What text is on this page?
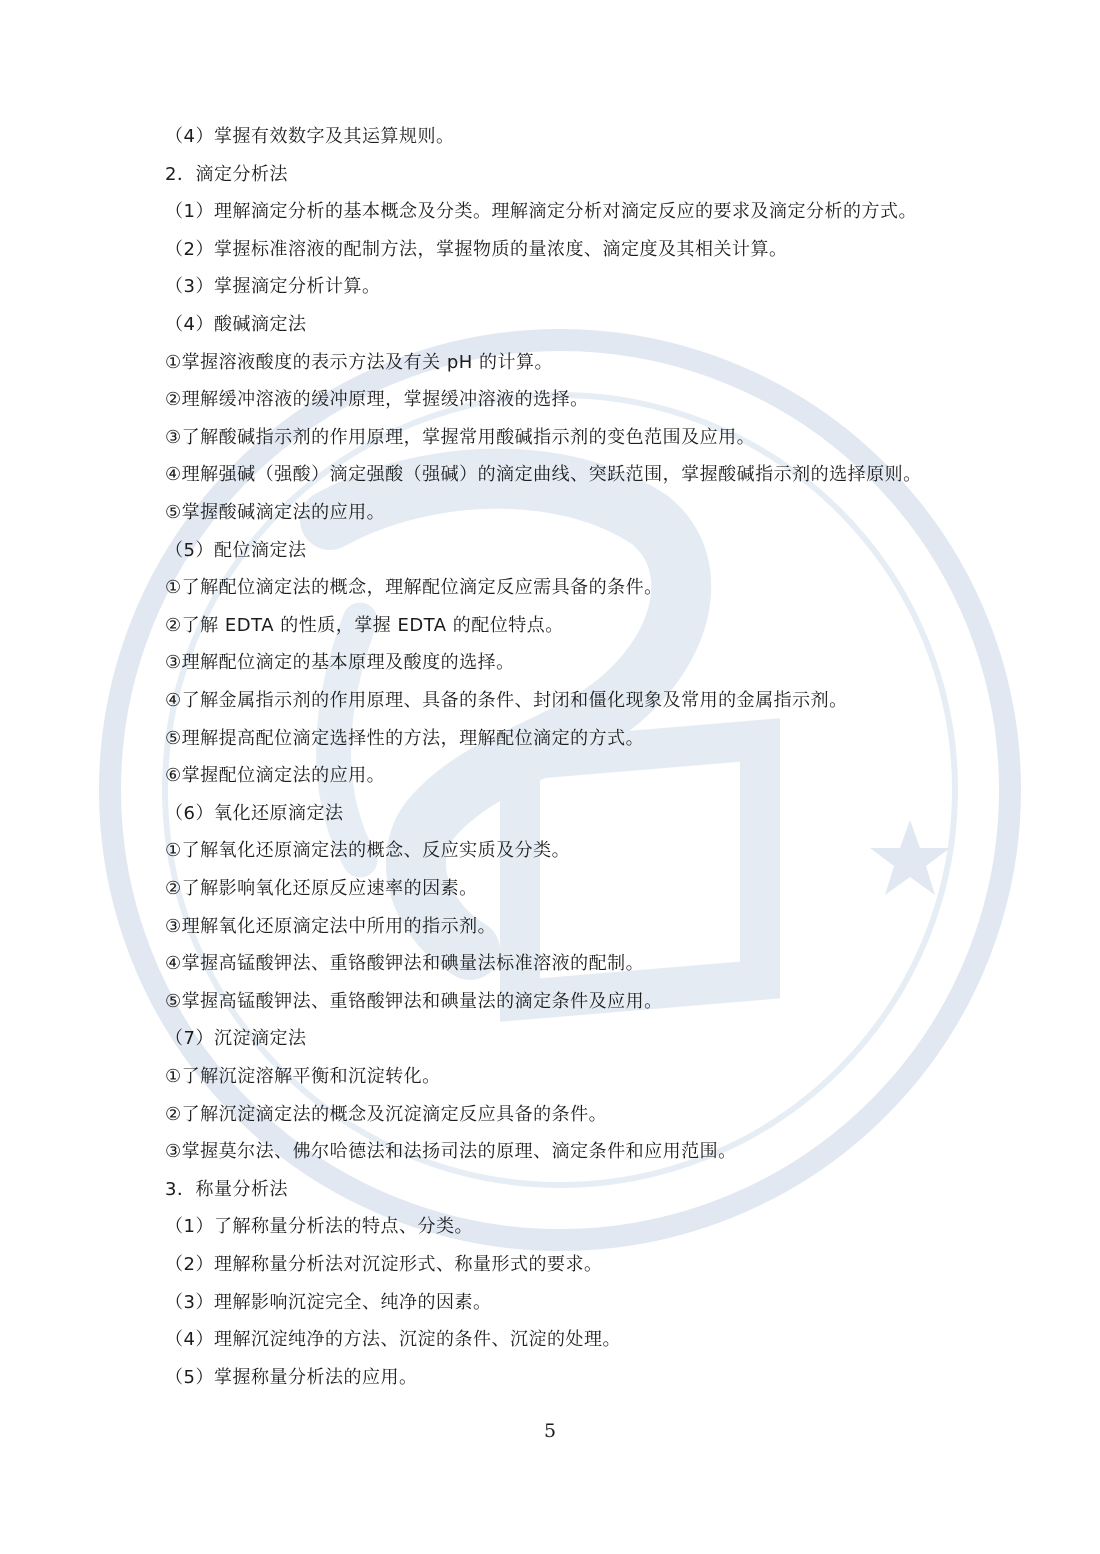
（4）掌握有效数字及其运算规则。
2．滴定分析法
（1）理解滴定分析的基本概念及分类。理解滴定分析对滴定反应的要求及滴定分析的方式。
（2）掌握标准溶液的配制方法，掌握物质的量浓度、滴定度及其相关计算。
（3）掌握滴定分析计算。
（4）酸碱滴定法
①掌握溶液酸度的表示方法及有关 pH 的计算。
②理解缓冲溶液的缓冲原理，掌握缓冲溶液的选择。
③了解酸碱指示剂的作用原理，掌握常用酸碱指示剂的变色范围及应用。
④理解强碱（强酸）滴定强酸（强碱）的滴定曲线、突跃范围，掌握酸碱指示剂的选择原则。
⑤掌握酸碱滴定法的应用。
（5）配位滴定法
①了解配位滴定法的概念，理解配位滴定反应需具备的条件。
②了解 EDTA 的性质，掌握 EDTA 的配位特点。
③理解配位滴定的基本原理及酸度的选择。
④了解金属指示剂的作用原理、具备的条件、封闭和僵化现象及常用的金属指示剂。
⑤理解提高配位滴定选择性的方法，理解配位滴定的方式。
⑥掌握配位滴定法的应用。
（6）氧化还原滴定法
①了解氧化还原滴定法的概念、反应实质及分类。
②了解影响氧化还原反应速率的因素。
③理解氧化还原滴定法中所用的指示剂。
④掌握高锰酸钾法、重铬酸钾法和碘量法标准溶液的配制。
⑤掌握高锰酸钾法、重铬酸钾法和碘量法的滴定条件及应用。
（7）沉淀滴定法
①了解沉淀溶解平衡和沉淀转化。
②了解沉淀滴定法的概念及沉淀滴定反应具备的条件。
③掌握莫尔法、佛尔哈德法和法扬司法的原理、滴定条件和应用范围。
3．称量分析法
（1）了解称量分析法的特点、分类。
（2）理解称量分析法对沉淀形式、称量形式的要求。
（3）理解影响沉淀完全、纯净的因素。
（4）理解沉淀纯净的方法、沉淀的条件、沉淀的处理。
（5）掌握称量分析法的应用。
5
